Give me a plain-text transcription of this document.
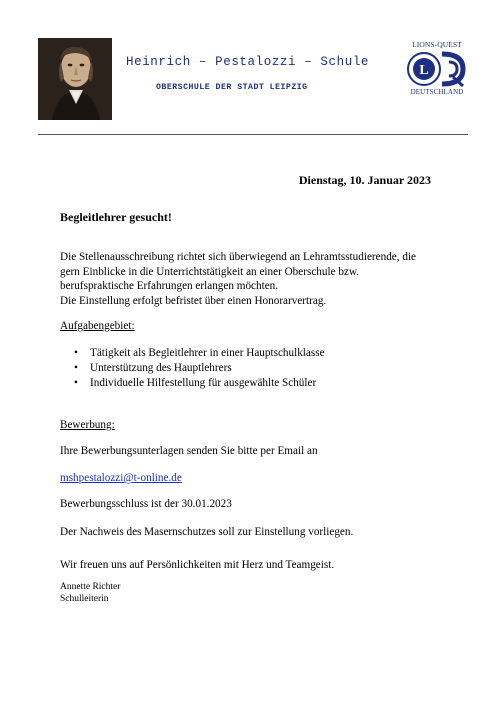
Heinrich – Pestalozzi – Schule
OBERSCHULE DER STADT LEIPZIG
LIONS-QUEST
L
DEUTSCHLAND
Dienstag, 10. Januar 2023
Begleitlehrer gesucht!
Die Stellenausschreibung richtet sich überwiegend an Lehramtsstudierende, die
gern Einblicke in die Unterrichtstätigkeit an einer Oberschule bzw.
berufspraktische Erfahrungen erlangen möchten.
Die Einstellung erfolgt befristet über einen Honorarvertrag.
Aufgabengebiet:
• Tätigkeit als Begleitlehrer in einer Hauptschulklasse
• Unterstützung des Hauptlehrers
• Individuelle Hilfestellung für ausgewählte Schüler
Bewerbung:
Ihre Bewerbungsunterlagen senden Sie bitte per Email an
mshpestalozzi@t-online.de
Bewerbungsschluss ist der 30.01.2023
Der Nachweis des Masernschutzes soll zur Einstellung vorliegen.
Wir freuen uns auf Persönlichkeiten mit Herz und Teamgeist.
Annette Richter
Schulleiterin
